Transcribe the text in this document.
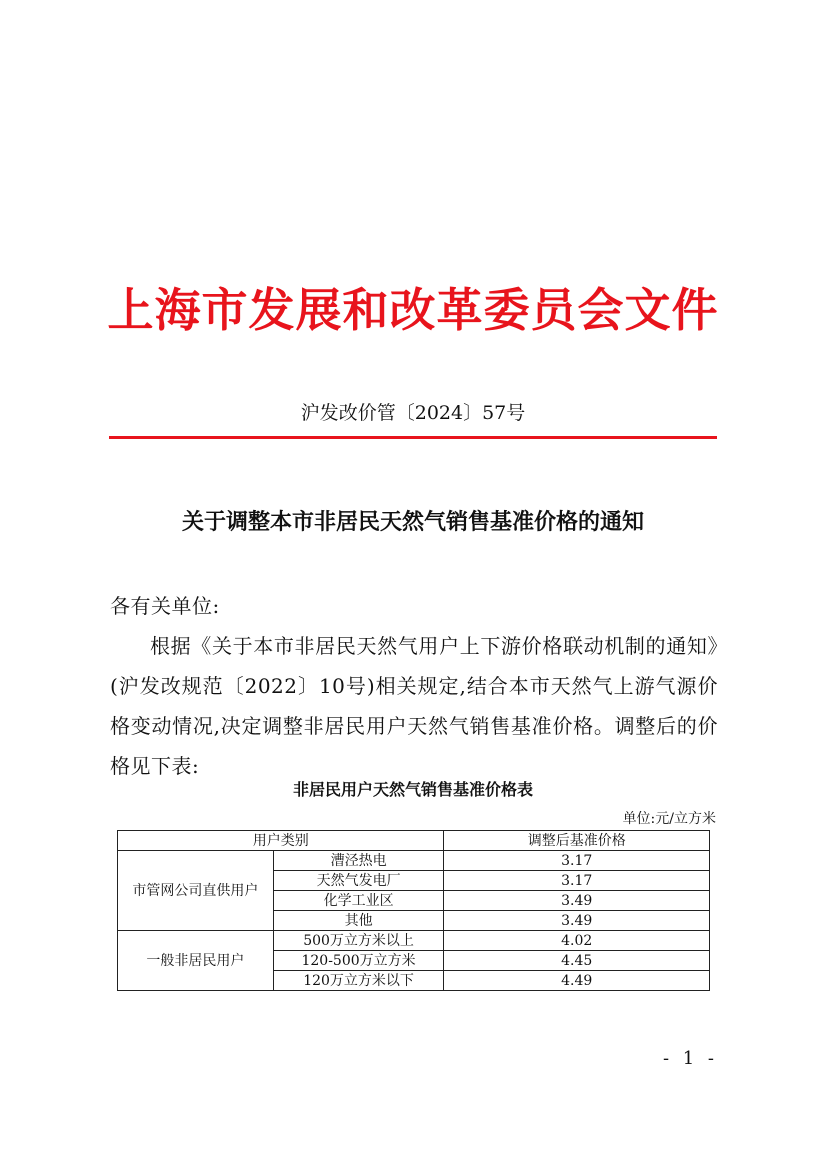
上海市发展和改革委员会文件
沪发改价管〔2024〕57号
关于调整本市非居民天然气销售基准价格的通知
各有关单位:
根据《关于本市非居民天然气用户上下游价格联动机制的通知》(沪发改规范〔2022〕10号)相关规定,结合本市天然气上游气源价格变动情况,决定调整非居民用户天然气销售基准价格。调整后的价格见下表:
非居民用户天然气销售基准价格表
单位:元/立方米
用户类别		调整后基准价格
市管网公司直供用户	漕泾热电	3.17
	天然气发电厂	3.17
	化学工业区	3.49
	其他	3.49
一般非居民用户	500万立方米以上	4.02
	120-500万立方米	4.45
	120万立方米以下	4.49
- 1 -
